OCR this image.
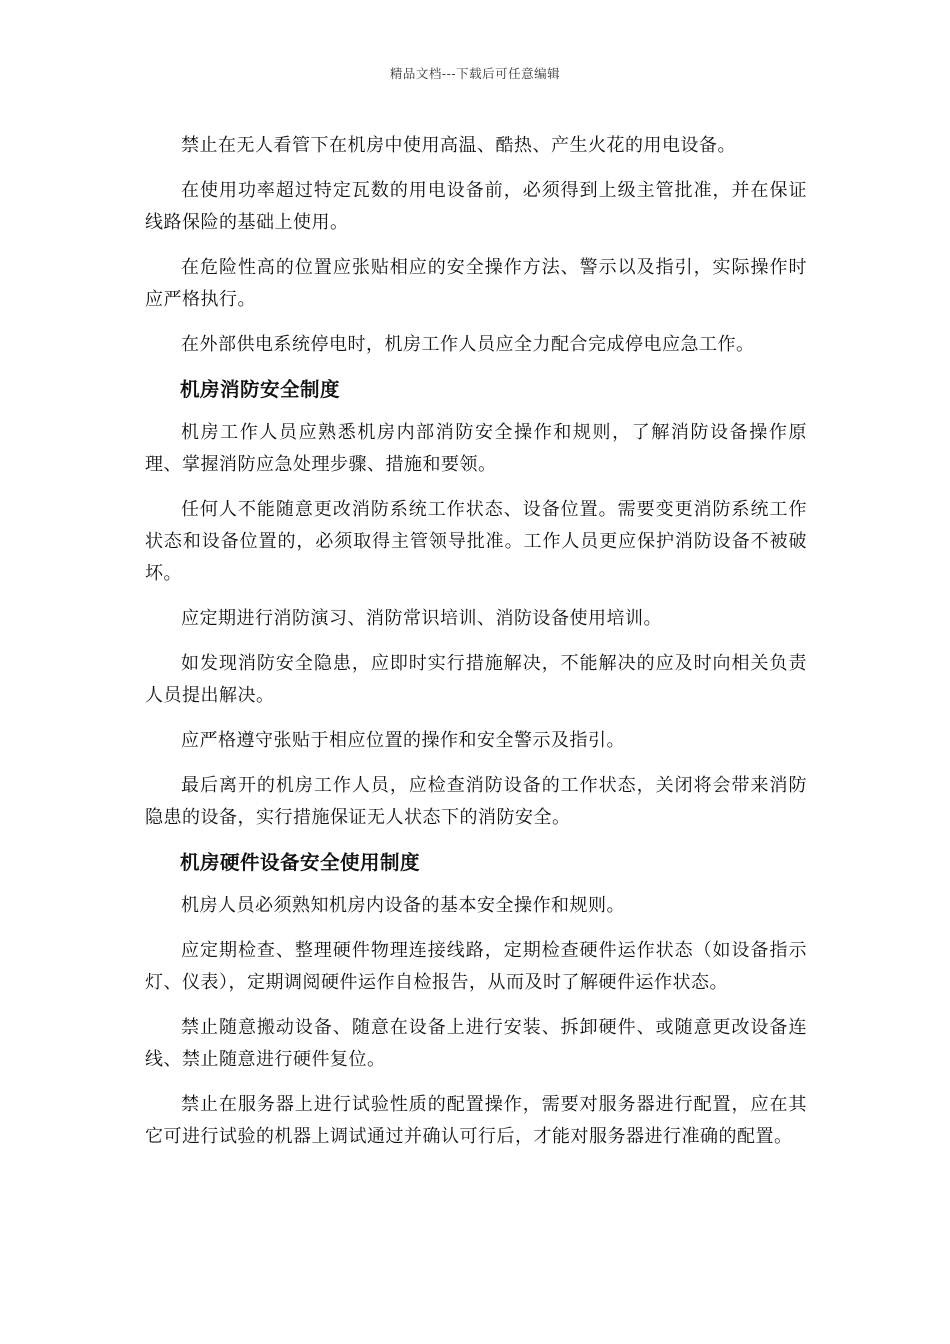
精品文档---下载后可任意编辑

禁止在无人看管下在机房中使用高温、酷热、产生火花的用电设备。

在使用功率超过特定瓦数的用电设备前，必须得到上级主管批准，并在保证线路保险的基础上使用。

在危险性高的位置应张贴相应的安全操作方法、警示以及指引，实际操作时应严格执行。

在外部供电系统停电时，机房工作人员应全力配合完成停电应急工作。

机房消防安全制度

机房工作人员应熟悉机房内部消防安全操作和规则，了解消防设备操作原理、掌握消防应急处理步骤、措施和要领。

任何人不能随意更改消防系统工作状态、设备位置。需要变更消防系统工作状态和设备位置的，必须取得主管领导批准。工作人员更应保护消防设备不被破坏。

应定期进行消防演习、消防常识培训、消防设备使用培训。

如发现消防安全隐患，应即时实行措施解决，不能解决的应及时向相关负责人员提出解决。

应严格遵守张贴于相应位置的操作和安全警示及指引。

最后离开的机房工作人员，应检查消防设备的工作状态，关闭将会带来消防隐患的设备，实行措施保证无人状态下的消防安全。

机房硬件设备安全使用制度

机房人员必须熟知机房内设备的基本安全操作和规则。

应定期检查、整理硬件物理连接线路，定期检查硬件运作状态（如设备指示灯、仪表），定期调阅硬件运作自检报告，从而及时了解硬件运作状态。

禁止随意搬动设备、随意在设备上进行安装、拆卸硬件、或随意更改设备连线、禁止随意进行硬件复位。

禁止在服务器上进行试验性质的配置操作，需要对服务器进行配置，应在其它可进行试验的机器上调试通过并确认可行后，才能对服务器进行准确的配置。
